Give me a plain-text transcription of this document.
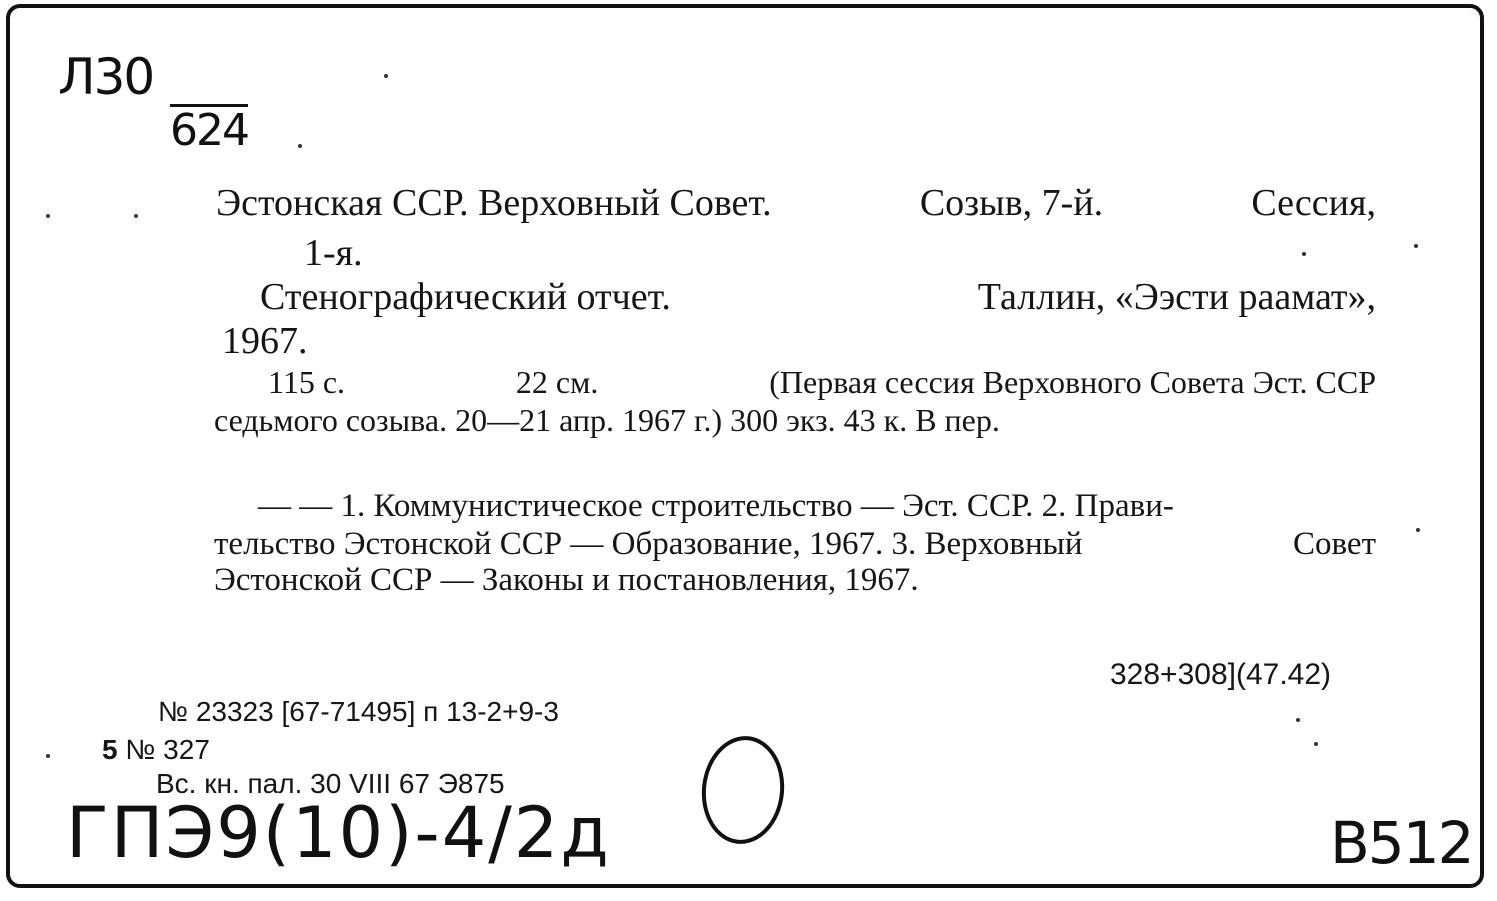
Л30
624
Эстонская ССР. Верховный Совет.	Созыв, 7-й.	Сессия,
1-я.
Стенографический отчет.	Таллин, «Ээсти раамат»,
1967.
115 с.	22 см.	(Первая сессия Верховного Совета Эст. ССР
седьмого созыва. 20—21 апр. 1967 г.) 300 экз. 43 к. В пер.
— — 1. Коммунистическое строительство — Эст. ССР. 2. Прави-
тельство Эстонской ССР — Образование, 1967. 3. Верховный	Совет
Эстонской ССР — Законы и постановления, 1967.
328+308](47.42)
№ 23323 [67-71495] п 13-2+9-3
5 № 327
Вс. кн. пал. 30 VIII 67 Э875
ГПЭ9(10)-4/2д	В512
